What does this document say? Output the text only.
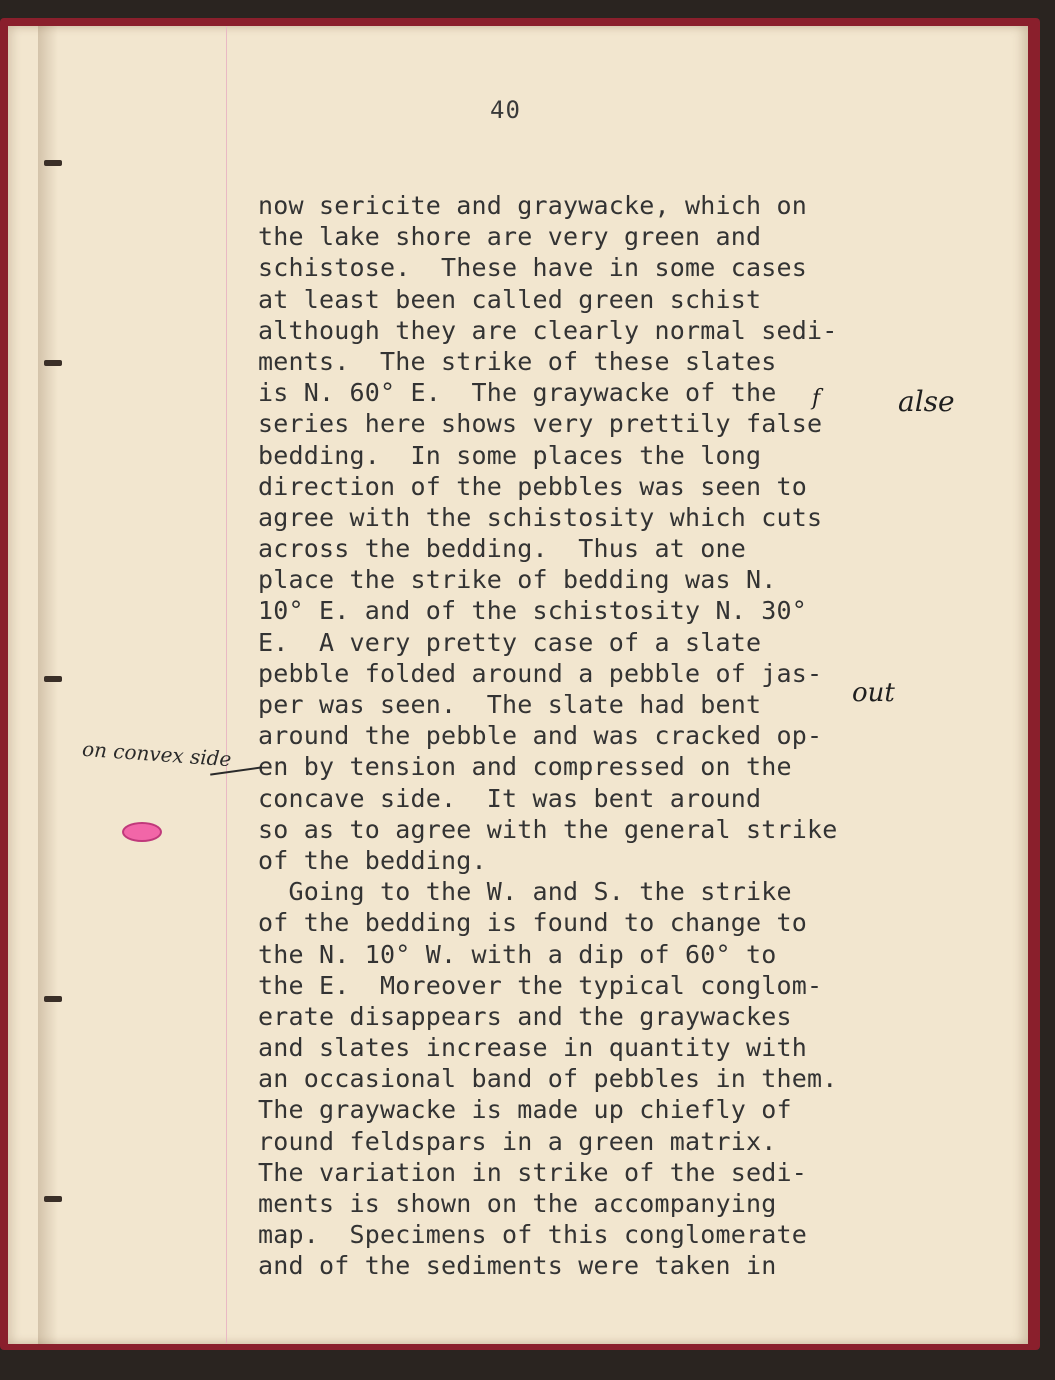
40
now sericite and graywacke, which on
the lake shore are very green and
schistose.  These have in some cases
at least been called green schist
although they are clearly normal sedi-
ments.  The strike of these slates
is N. 60° E.  The graywacke of the
series here shows very prettily false
bedding.  In some places the long
direction of the pebbles was seen to
agree with the schistosity which cuts
across the bedding.  Thus at one
place the strike of bedding was N.
10° E. and of the schistosity N. 30°
E.  A very pretty case of a slate
pebble folded around a pebble of jas-
per was seen.  The slate had bent
around the pebble and was cracked op-
en by tension and compressed on the
concave side.  It was bent around
so as to agree with the general strike
of the bedding.
Going to the W. and S. the strike
of the bedding is found to change to
the N. 10° W. with a dip of 60° to
the E.  Moreover the typical conglom-
erate disappears and the graywackes
and slates increase in quantity with
an occasional band of pebbles in them.
The graywacke is made up chiefly of
round feldspars in a green matrix.
The variation in strike of the sedi-
ments is shown on the accompanying
map.  Specimens of this conglomerate
and of the sediments were taken in
alse
out
f
on convex side
